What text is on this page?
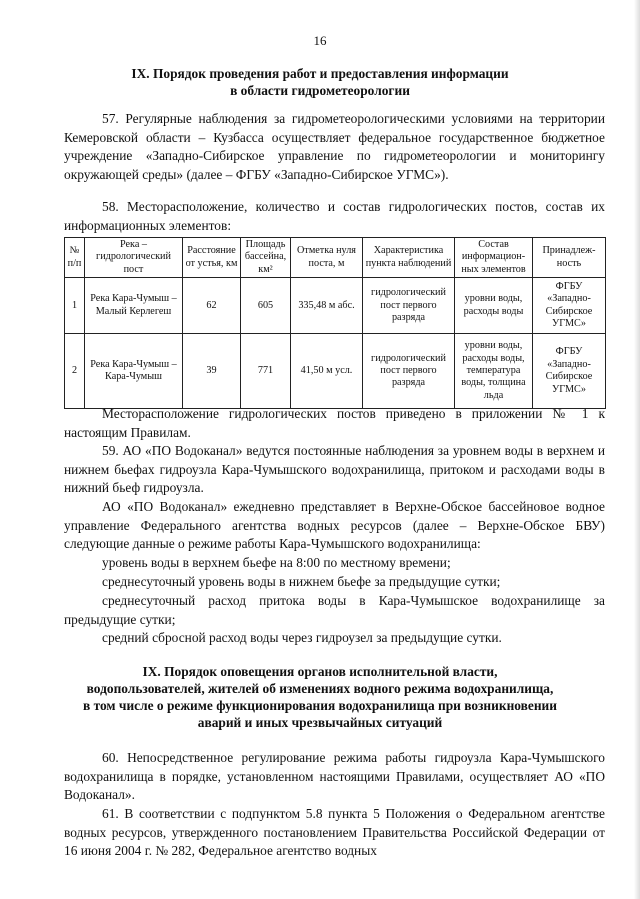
16
IX. Порядок проведения работ и предоставления информации
в области гидрометеорологии

57. Регулярные наблюдения за гидрометеорологическими условиями на территории Кемеровской области – Кузбасса осуществляет федеральное государственное бюджетное учреждение «Западно-Сибирское управление по гидрометеорологии и мониторингу окружающей среды» (далее – ФГБУ «Западно-Сибирское УГМС»).

58. Месторасположение, количество и состав гидрологических постов, состав их информационных элементов:

№ п/п	Река – гидрологический пост	Расстояние от устья, км	Площадь бассейна, км²	Отметка нуля поста, м	Характеристика пункта наблюдений	Состав информацион-ных элементов	Принадлеж-ность
1	Река Кара-Чумыш – Малый Керлегеш	62	605	335,48 м абс.	гидрологический пост первого разряда	уровни воды, расходы воды	ФГБУ «Западно-Сибирское УГМС»
2	Река Кара-Чумыш – Кара-Чумыш	39	771	41,50 м усл.	гидрологический пост первого разряда	уровни воды, расходы воды, температура воды, толщина льда	ФГБУ «Западно-Сибирское УГМС»

Месторасположение гидрологических постов приведено в приложении № 1 к настоящим Правилам.

59. АО «ПО Водоканал» ведутся постоянные наблюдения за уровнем воды в верхнем и нижнем бьефах гидроузла Кара-Чумышского водохранилища, притоком и расходами воды в нижний бьеф гидроузла.

АО «ПО Водоканал» ежедневно представляет в Верхне-Обское бассейновое водное управление Федерального агентства водных ресурсов (далее – Верхне-Обское БВУ) следующие данные о режиме работы Кара-Чумышского водохранилища:

уровень воды в верхнем бьефе на 8:00 по местному времени;

среднесуточный уровень воды в нижнем бьефе за предыдущие сутки;

среднесуточный расход притока воды в Кара-Чумышское водохранилище за предыдущие сутки;

средний сбросной расход воды через гидроузел за предыдущие сутки.

IX. Порядок оповещения органов исполнительной власти,
водопользователей, жителей об изменениях водного режима водохранилища,
в том числе о режиме функционирования водохранилища при возникновении
аварий и иных чрезвычайных ситуаций

60. Непосредственное регулирование режима работы гидроузла Кара-Чумышского водохранилища в порядке, установленном настоящими Правилами, осуществляет АО «ПО Водоканал».

61. В соответствии с подпунктом 5.8 пункта 5 Положения о Федеральном агентстве водных ресурсов, утвержденного постановлением Правительства Российской Федерации от 16 июня 2004 г. № 282, Федеральное агентство водных
